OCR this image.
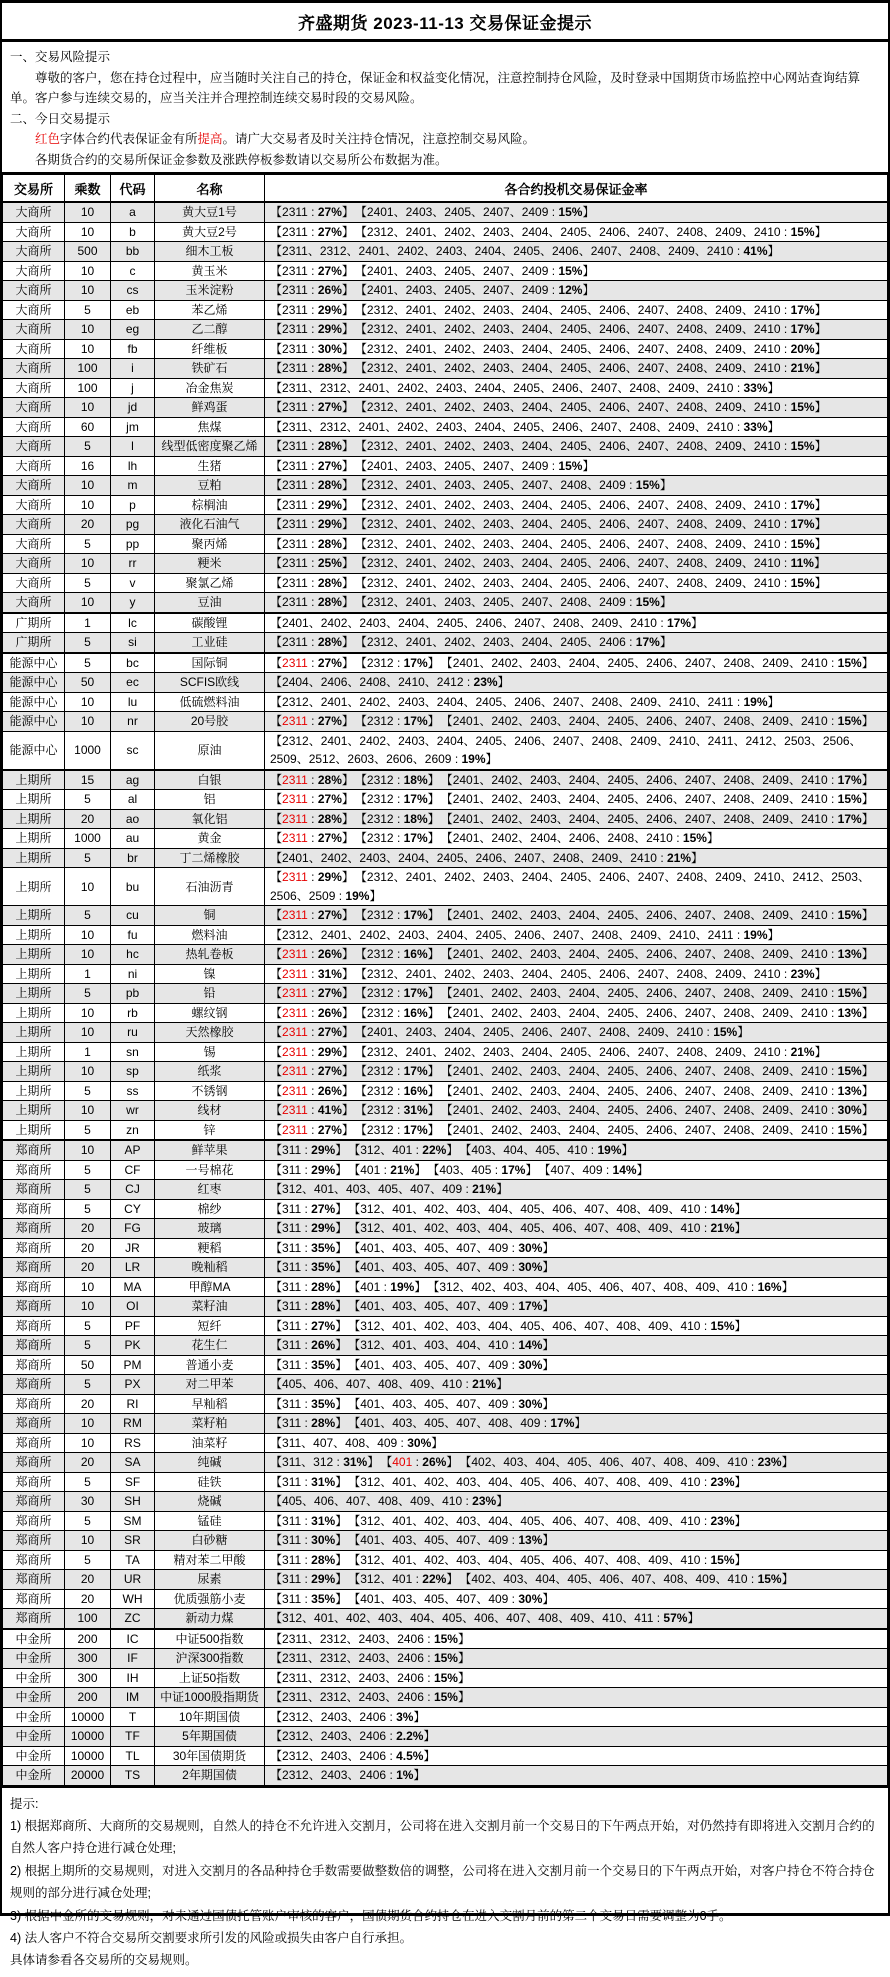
齐盛期货 2023-11-13 交易保证金提示

一、交易风险提示

尊敬的客户，您在持仓过程中，应当随时关注自己的持仓，保证金和权益变化情况，注意控制持仓风险，及时登录中国期货市场监控中心网站查询结算单。客户参与连续交易的，应当关注并合理控制连续交易时段的交易风险。

二、今日交易提示

红色字体合约代表保证金有所提高。请广大交易者及时关注持仓情况，注意控制交易风险。

各期货合约的交易所保证金参数及涨跌停板参数请以交易所公布数据为准。

交易所	乘数	代码	名称	各合约投机交易保证金率
大商所	10	a	黄大豆1号	【2311 : 27%】 【2401、2403、2405、2407、2409 : 15%】
大商所	10	b	黄大豆2号	【2311 : 27%】 【2312、2401、2402、2403、2404、2405、2406、2407、2408、2409、2410 : 15%】
大商所	500	bb	细木工板	【2311、2312、2401、2402、2403、2404、2405、2406、2407、2408、2409、2410 : 41%】
大商所	10	c	黄玉米	【2311 : 27%】 【2401、2403、2405、2407、2409 : 15%】
大商所	10	cs	玉米淀粉	【2311 : 26%】 【2401、2403、2405、2407、2409 : 12%】
大商所	5	eb	苯乙烯	【2311 : 29%】 【2312、2401、2402、2403、2404、2405、2406、2407、2408、2409、2410 : 17%】
大商所	10	eg	乙二醇	【2311 : 29%】 【2312、2401、2402、2403、2404、2405、2406、2407、2408、2409、2410 : 17%】
大商所	10	fb	纤维板	【2311 : 30%】 【2312、2401、2402、2403、2404、2405、2406、2407、2408、2409、2410 : 20%】
大商所	100	i	铁矿石	【2311 : 28%】 【2312、2401、2402、2403、2404、2405、2406、2407、2408、2409、2410 : 21%】
大商所	100	j	冶金焦炭	【2311、2312、2401、2402、2403、2404、2405、2406、2407、2408、2409、2410 : 33%】
大商所	10	jd	鲜鸡蛋	【2311 : 27%】 【2312、2401、2402、2403、2404、2405、2406、2407、2408、2409、2410 : 15%】
大商所	60	jm	焦煤	【2311、2312、2401、2402、2403、2404、2405、2406、2407、2408、2409、2410 : 33%】
大商所	5	l	线型低密度聚乙烯	【2311 : 28%】 【2312、2401、2402、2403、2404、2405、2406、2407、2408、2409、2410 : 15%】
大商所	16	lh	生猪	【2311 : 27%】 【2401、2403、2405、2407、2409 : 15%】
大商所	10	m	豆粕	【2311 : 28%】 【2312、2401、2403、2405、2407、2408、2409 : 15%】
大商所	10	p	棕榈油	【2311 : 29%】 【2312、2401、2402、2403、2404、2405、2406、2407、2408、2409、2410 : 17%】
大商所	20	pg	液化石油气	【2311 : 29%】 【2312、2401、2402、2403、2404、2405、2406、2407、2408、2409、2410 : 17%】
大商所	5	pp	聚丙烯	【2311 : 28%】 【2312、2401、2402、2403、2404、2405、2406、2407、2408、2409、2410 : 15%】
大商所	10	rr	粳米	【2311 : 25%】 【2312、2401、2402、2403、2404、2405、2406、2407、2408、2409、2410 : 11%】
大商所	5	v	聚氯乙烯	【2311 : 28%】 【2312、2401、2402、2403、2404、2405、2406、2407、2408、2409、2410 : 15%】
大商所	10	y	豆油	【2311 : 28%】 【2312、2401、2403、2405、2407、2408、2409 : 15%】
广期所	1	lc	碳酸锂	【2401、2402、2403、2404、2405、2406、2407、2408、2409、2410 : 17%】
广期所	5	si	工业硅	【2311 : 28%】 【2312、2401、2402、2403、2404、2405、2406 : 17%】
能源中心	5	bc	国际铜	【2311 : 27%】 【2312 : 17%】 【2401、2402、2403、2404、2405、2406、2407、2408、2409、2410 : 15%】
能源中心	50	ec	SCFIS欧线	【2404、2406、2408、2410、2412 : 23%】
能源中心	10	lu	低硫燃料油	【2312、2401、2402、2403、2404、2405、2406、2407、2408、2409、2410、2411 : 19%】
能源中心	10	nr	20号胶	【2311 : 27%】 【2312 : 17%】 【2401、2402、2403、2404、2405、2406、2407、2408、2409、2410 : 15%】
能源中心	1000	sc	原油	【2312、2401、2402、2403、2404、2405、2406、2407、2408、2409、2410、2411、2412、2503、2506、2509、2512、2603、2606、2609 : 19%】
上期所	15	ag	白银	【2311 : 28%】 【2312 : 18%】 【2401、2402、2403、2404、2405、2406、2407、2408、2409、2410 : 17%】
上期所	5	al	铝	【2311 : 27%】 【2312 : 17%】 【2401、2402、2403、2404、2405、2406、2407、2408、2409、2410 : 15%】
上期所	20	ao	氧化铝	【2311 : 28%】 【2312 : 18%】 【2401、2402、2403、2404、2405、2406、2407、2408、2409、2410 : 17%】
上期所	1000	au	黄金	【2311 : 27%】 【2312 : 17%】 【2401、2402、2404、2406、2408、2410 : 15%】
上期所	5	br	丁二烯橡胶	【2401、2402、2403、2404、2405、2406、2407、2408、2409、2410 : 21%】
上期所	10	bu	石油沥青	【2311 : 29%】 【2312、2401、2402、2403、2404、2405、2406、2407、2408、2409、2410、2412、2503、2506、2509 : 19%】
上期所	5	cu	铜	【2311 : 27%】 【2312 : 17%】 【2401、2402、2403、2404、2405、2406、2407、2408、2409、2410 : 15%】
上期所	10	fu	燃料油	【2312、2401、2402、2403、2404、2405、2406、2407、2408、2409、2410、2411 : 19%】
上期所	10	hc	热轧卷板	【2311 : 26%】 【2312 : 16%】 【2401、2402、2403、2404、2405、2406、2407、2408、2409、2410 : 13%】
上期所	1	ni	镍	【2311 : 31%】 【2312、2401、2402、2403、2404、2405、2406、2407、2408、2409、2410 : 23%】
上期所	5	pb	铅	【2311 : 27%】 【2312 : 17%】 【2401、2402、2403、2404、2405、2406、2407、2408、2409、2410 : 15%】
上期所	10	rb	螺纹钢	【2311 : 26%】 【2312 : 16%】 【2401、2402、2403、2404、2405、2406、2407、2408、2409、2410 : 13%】
上期所	10	ru	天然橡胶	【2311 : 27%】 【2401、2403、2404、2405、2406、2407、2408、2409、2410 : 15%】
上期所	1	sn	锡	【2311 : 29%】 【2312、2401、2402、2403、2404、2405、2406、2407、2408、2409、2410 : 21%】
上期所	10	sp	纸浆	【2311 : 27%】 【2312 : 17%】 【2401、2402、2403、2404、2405、2406、2407、2408、2409、2410 : 15%】
上期所	5	ss	不锈钢	【2311 : 26%】 【2312 : 16%】 【2401、2402、2403、2404、2405、2406、2407、2408、2409、2410 : 13%】
上期所	10	wr	线材	【2311 : 41%】 【2312 : 31%】 【2401、2402、2403、2404、2405、2406、2407、2408、2409、2410 : 30%】
上期所	5	zn	锌	【2311 : 27%】 【2312 : 17%】 【2401、2402、2403、2404、2405、2406、2407、2408、2409、2410 : 15%】
郑商所	10	AP	鲜苹果	【311 : 29%】 【312、401 : 22%】 【403、404、405、410 : 19%】
郑商所	5	CF	一号棉花	【311 : 29%】 【401 : 21%】 【403、405 : 17%】 【407、409 : 14%】
郑商所	5	CJ	红枣	【312、401、403、405、407、409 : 21%】
郑商所	5	CY	棉纱	【311 : 27%】 【312、401、402、403、404、405、406、407、408、409、410 : 14%】
郑商所	20	FG	玻璃	【311 : 29%】 【312、401、402、403、404、405、406、407、408、409、410 : 21%】
郑商所	20	JR	粳稻	【311 : 35%】 【401、403、405、407、409 : 30%】
郑商所	20	LR	晚籼稻	【311 : 35%】 【401、403、405、407、409 : 30%】
郑商所	10	MA	甲醇MA	【311 : 28%】 【401 : 19%】 【312、402、403、404、405、406、407、408、409、410 : 16%】
郑商所	10	OI	菜籽油	【311 : 28%】 【401、403、405、407、409 : 17%】
郑商所	5	PF	短纤	【311 : 27%】 【312、401、402、403、404、405、406、407、408、409、410 : 15%】
郑商所	5	PK	花生仁	【311 : 26%】 【312、401、403、404、410 : 14%】
郑商所	50	PM	普通小麦	【311 : 35%】 【401、403、405、407、409 : 30%】
郑商所	5	PX	对二甲苯	【405、406、407、408、409、410 : 21%】
郑商所	20	RI	早籼稻	【311 : 35%】 【401、403、405、407、409 : 30%】
郑商所	10	RM	菜籽粕	【311 : 28%】 【401、403、405、407、408、409 : 17%】
郑商所	10	RS	油菜籽	【311、407、408、409 : 30%】
郑商所	20	SA	纯碱	【311、312 : 31%】 【401 : 26%】 【402、403、404、405、406、407、408、409、410 : 23%】
郑商所	5	SF	硅铁	【311 : 31%】 【312、401、402、403、404、405、406、407、408、409、410 : 23%】
郑商所	30	SH	烧碱	【405、406、407、408、409、410 : 23%】
郑商所	5	SM	锰硅	【311 : 31%】 【312、401、402、403、404、405、406、407、408、409、410 : 23%】
郑商所	10	SR	白砂糖	【311 : 30%】 【401、403、405、407、409 : 13%】
郑商所	5	TA	精对苯二甲酸	【311 : 28%】 【312、401、402、403、404、405、406、407、408、409、410 : 15%】
郑商所	20	UR	尿素	【311 : 29%】 【312、401 : 22%】 【402、403、404、405、406、407、408、409、410 : 15%】
郑商所	20	WH	优质强筋小麦	【311 : 35%】 【401、403、405、407、409 : 30%】
郑商所	100	ZC	新动力煤	【312、401、402、403、404、405、406、407、408、409、410、411 : 57%】
中金所	200	IC	中证500指数	【2311、2312、2403、2406 : 15%】
中金所	300	IF	沪深300指数	【2311、2312、2403、2406 : 15%】
中金所	300	IH	上证50指数	【2311、2312、2403、2406 : 15%】
中金所	200	IM	中证1000股指期货	【2311、2312、2403、2406 : 15%】
中金所	10000	T	10年期国债	【2312、2403、2406 : 3%】
中金所	10000	TF	5年期国债	【2312、2403、2406 : 2.2%】
中金所	10000	TL	30年国债期货	【2312、2403、2406 : 4.5%】
中金所	20000	TS	2年期国债	【2312、2403、2406 : 1%】

提示:

1) 根据郑商所、大商所的交易规则，自然人的持仓不允许进入交割月，公司将在进入交割月前一个交易日的下午两点开始，对仍然持有即将进入交割月合约的自然人客户持仓进行减仓处理;

2) 根据上期所的交易规则，对进入交割月的各品种持仓手数需要做整数倍的调整，公司将在进入交割月前一个交易日的下午两点开始，对客户持仓不符合持仓规则的部分进行减仓处理;

3) 根据中金所的交易规则，对未通过国债托管账户审核的客户，国债期货合约持仓在进入交割月前的第二个交易日需要调整为0手。

4) 法人客户不符合交易所交割要求所引发的风险或损失由客户自行承担。

具体请参看各交易所的交易规则。
